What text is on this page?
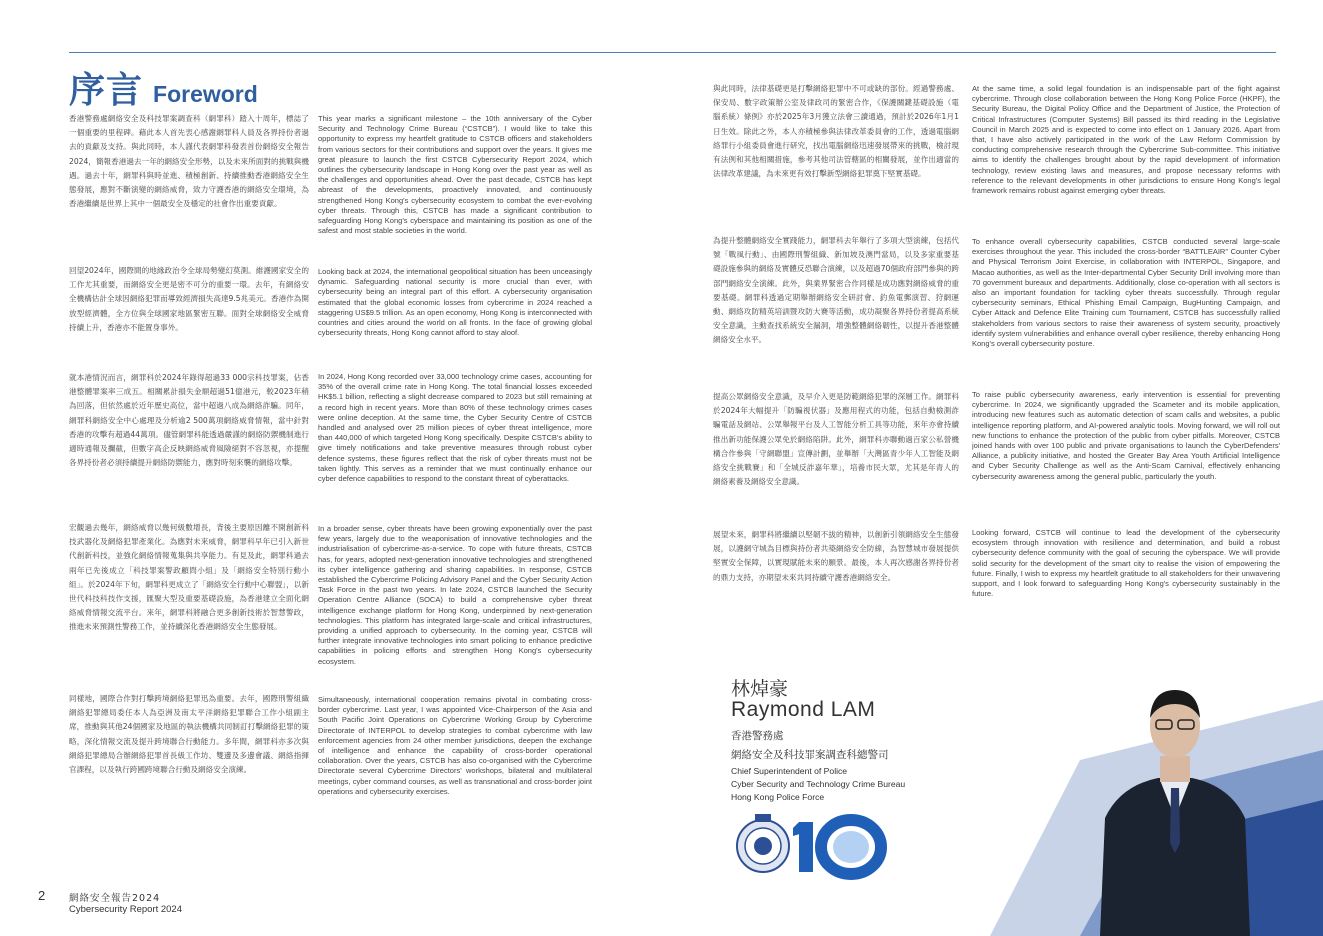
序言 Foreword
香港警務處網絡安全及科技罪案調查科（網罪科）踏入十周年，標誌了一個重要的里程碑。藉此本人首先衷心感謝網罪科人員及各界持份者過去的貢獻及支持。與此同時，本人謹代表網罪科發表首份網絡安全報告2024，簡報香港過去一年的網絡安全形勢，以及未來所面對的挑戰與機遇。過去十年，網罪科與時並進、積極創新、持續推動香港網絡安全生態發展，應對不斷演變的網絡威脅，致力守護香港的網絡安全環境，為香港繼續是世界上其中一個最安全及穩定的社會作出重要貢獻。
回望2024年，國際間的地緣政治令全球局勢變幻莫測。維護國家安全的工作尤其重要，而網絡安全更是密不可分的重要一環。去年，有網絡安全機構估計全球因網絡犯罪而導致經濟損失高達9.5兆美元。香港作為開放型經濟體，全方位與全球國家地區緊密互聯。面對全球網絡安全威脅持續上升，香港亦不能置身事外。
就本港情況而言，網罪科於2024年錄得超過33 000宗科技罪案，佔香港整體罪案率三成五。相關累計損失金額超過51億港元，較2023年稍為回落，但依然處於近年歷史高位，當中超過八成為網絡詐騙。同年，網罪科網絡安全中心處理及分析逾2 500萬項網絡威脅情報，當中針對香港的攻擊有超過44萬項。儘管網罪科能透過嚴謹的網絡防禦機制進行適時通報及攔截，但數字高企反映網絡威脅風險絕對不容忽視，亦提醒各界持份者必須持續提升網絡防禦能力，應對時刻來襲的網絡攻擊。
宏觀過去幾年，網絡威脅以幾何級數增長，背後主要原因離不開創新科技武器化及網絡犯罪產業化。為應對未來威脅，網罪科早年已引入新世代創新科技，並強化網絡情報蒐集與共享能力。有見及此，網罪科過去兩年已先後成立「科技罪案警政顧問小組」及「網絡安全特別行動小組」。於2024年下旬，網罪科更成立了「網絡安全行動中心聯盟」，以新世代科技科技作支援，匯聚大型及重要基礎設施，為香港建立全面化網絡威脅情報交流平台。來年，網罪科將融合更多創新技術於智慧警政，推進未來預測性警務工作，並持續深化香港網絡安全生態發展。
同樣地，國際合作對打擊跨境網絡犯罪迅為重要。去年，國際刑警組織網絡犯罪總局委任本人為亞洲及南太平洋網絡犯罪聯合工作小組副主席，推動與其他24個國家及地區的執法機構共同制訂打擊網絡犯罪的策略，深化情報交流及提升跨境聯合行動能力。多年間，網罪科亦多次與網絡犯罪總局合辦網絡犯罪首長級工作坊、雙邊及多邊會議、網絡指揮官課程，以及執行跨國跨境聯合行動及網絡安全演練。
This year marks a significant milestone – the 10th anniversary of the Cyber Security and Technology Crime Bureau (“CSTCB”). I would like to take this opportunity to express my heartfelt gratitude to CSTCB officers and stakeholders from various sectors for their contributions and support over the years. It gives me great pleasure to launch the first CSTCB Cybersecurity Report 2024, which outlines the cybersecurity landscape in Hong Kong over the past year as well as the challenges and opportunities ahead. Over the past decade, CSTCB has kept abreast of the developments, proactively innovated, and continuously strengthened Hong Kong's cybersecurity ecosystem to combat the ever-evolving cyber threats. Through this, CSTCB has made a significant contribution to safeguarding Hong Kong's cyberspace and maintaining its position as one of the safest and most stable societies in the world.
Looking back at 2024, the international geopolitical situation has been unceasingly dynamic. Safeguarding national security is more crucial than ever, with cybersecurity being an integral part of this effort. A cybersecurity organisation estimated that the global economic losses from cybercrime in 2024 reached a staggering US$9.5 trillion. As an open economy, Hong Kong is interconnected with countries and cities around the world on all fronts. In the face of growing global cybersecurity threats, Hong Kong cannot afford to stay aloof.
In 2024, Hong Kong recorded over 33,000 technology crime cases, accounting for 35% of the overall crime rate in Hong Kong. The total financial losses exceeded HK$5.1 billion, reflecting a slight decrease compared to 2023 but still remaining at a record high in recent years. More than 80% of these technology crimes cases were online deception. At the same time, the Cyber Security Centre of CSTCB handled and analysed over 25 million pieces of cyber threat intelligence, more than 440,000 of which targeted Hong Kong specifically. Despite CSTCB's ability to give timely notifications and take preventive measures through robust cyber defence systems, these figures reflect that the risk of cyber threats must not be taken lightly. This serves as a reminder that we must continually enhance our cyber defence capabilities to respond to the constant threat of cyberattacks.
In a broader sense, cyber threats have been growing exponentially over the past few years, largely due to the weaponisation of innovative technologies and the industrialisation of cybercrime-as-a-service. To cope with future threats, CSTCB has, for years, adopted next-generation innovative technologies and strengthened its cyber intelligence gathering and sharing capabilities. In response, CSTCB established the Cybercrime Policing Advisory Panel and the Cyber Security Action Task Force in the past two years. In late 2024, CSTCB launched the Security Operation Centre Alliance (SOCA) to build a comprehensive cyber threat intelligence exchange platform for Hong Kong, underpinned by next-generation technologies. This platform has integrated large-scale and critical infrastructures, providing a unified approach to cybersecurity. In the coming year, CSTCB will further integrate innovative technologies into smart policing to enhance predictive capabilities in policing efforts and strengthen Hong Kong's cybersecurity ecosystem.
Simultaneously, international cooperation remains pivotal in combating cross-border cybercrime. Last year, I was appointed Vice-Chairperson of the Asia and South Pacific Joint Operations on Cybercrime Working Group by Cybercrime Directorate of INTERPOL to develop strategies to combat cybercrime with law enforcement agencies from 24 other member jurisdictions, deepen the exchange of intelligence and enhance the capability of cross-border operational collaboration. Over the years, CSTCB has also co-organised with the Cybercrime Directorate several Cybercrime Directors' workshops, bilateral and multilateral meetings, cyber command courses, as well as transnational and cross-border joint operations and cybersecurity exercises.
與此同時，法律基礎更是打擊網絡犯罪中不可或缺的部份。經過警務處、保安局、數字政策辦公室及律政司的緊密合作，《保護關鍵基礎設施（電腦系統）條例》亦於2025年3月獲立法會三讀通過，預計於2026年1月1日生效。除此之外，本人亦積極參與法律改革委員會的工作，透過電腦網絡罪行小組委員會進行研究，找出電腦網絡迅速發展帶來的挑戰，檢討現有法例和其他相關措施，參考其他司法管轄區的相關發展，並作出適當的法律改革建議，為未來更有效打擊新型網絡犯罪奠下堅實基礎。
為提升整體網絡安全實踐能力，網罪科去年舉行了多項大型演練，包括代號「戰風行動」、由國際刑警組織、新加坡及澳門當局，以及多家重要基礎設施參與的網絡及實體反恐聯合演練，以及超過70個政府部門參與的跨部門網絡安全演練。此外，與業界緊密合作同樣是成功應對網絡威脅的重要基礎。網罪科透過定期舉辦網絡安全研討會、釣魚電郵演習、狩網運動、網絡攻防精英培訓暨攻防大賽等活動，成功凝聚各界持份者提高系統安全意識，主動查找系統安全漏洞，增強整體網絡韌性，以提升香港整體網絡安全水平。
提高公眾網絡安全意識，及早介入更是防範網絡犯罪的深層工作。網罪科於2024年大幅提升「防騙視伏器」及應用程式的功能，包括自動檢測詐騙電話及網站、公眾舉報平台及人工智能分析工具等功能，來年亦會持續推出新功能保護公眾免於網絡陷阱。此外，網罪科亦聯動過百家公私營機構合作參與「守網聯盟」宣傳計劃，並舉辦「大灣區青少年人工智能及網絡安全挑戰賽」和「全城反詐嘉年華」，培養市民大眾，尤其是年青人的網絡素養及網絡安全意識。
展望未來，網罪科將繼續以堅韌不拔的精神，以創新引領網絡安全生態發展，以護網守城為目標與持份者共築網絡安全防線，為智慧城市發展提供堅實安全保障，以實現賦能未來的願景。最後，本人再次感謝各界持份者的鼎力支持，亦期望未來共同持續守護香港網絡安全。
At the same time, a solid legal foundation is an indispensable part of the fight against cybercrime. Through close collaboration between the Hong Kong Police Force (HKPF), the Security Bureau, the Digital Policy Office and the Department of Justice, the Protection of Critical Infrastructures (Computer Systems) Bill passed its third reading in the Legislative Council in March 2025 and is expected to come into effect on 1 January 2026. Apart from that, I have also actively participated in the work of the Law Reform Commission by conducting comprehensive research through the Cybercrime Sub-committee. This initiative aims to identify the challenges brought about by the rapid development of information technology, review existing laws and measures, and propose necessary reforms with reference to the relevant developments in other jurisdictions to ensure Hong Kong's legal framework remains robust against emerging cyber threats.
To enhance overall cybersecurity capabilities, CSTCB conducted several large-scale exercises throughout the year. This included the cross-border “BATTLEAIR” Counter Cyber and Physical Terrorism Joint Exercise, in collaboration with INTERPOL, Singapore, and Macao authorities, as well as the Inter-departmental Cyber Security Drill involving more than 70 government bureaux and departments. Additionally, close co-operation with all sectors is also an important foundation for tackling cyber threats successfully. Through regular cybersecurity seminars, Ethical Phishing Email Campaign, BugHunting Campaign, and Cyber Attack and Defence Elite Training cum Tournament, CSTCB has successfully rallied stakeholders from various sectors to raise their awareness of system security, proactively identify system vulnerabilities and enhance overall cyber resilience, thereby enhancing Hong Kong's overall cybersecurity posture.
To raise public cybersecurity awareness, early intervention is essential for preventing cybercrime. In 2024, we significantly upgraded the Scameter and its mobile application, introducing new features such as automatic detection of scam calls and websites, a public intelligence reporting platform, and AI-powered analytic tools. Moving forward, we will roll out new functions to enhance the protection of the public from cyber pitfalls. Moreover, CSTCB joined hands with over 100 public and private organisations to launch the CyberDefenders' Alliance, a publicity initiative, and hosted the Greater Bay Area Youth Artificial Intelligence and Cyber Security Challenge as well as the Anti-Scam Carnival, effectively enhancing cybersecurity awareness among the general public, particularly the youth.
Looking forward, CSTCB will continue to lead the development of the cybersecurity ecosystem through innovation with resilience and determination, and build a robust cybersecurity defence community with the goal of securing the cyberspace. We will provide solid security for the development of the smart city to realise the vision of empowering the future. Finally, I wish to express my heartfelt gratitude to all stakeholders for their unwavering support, and I look forward to safeguarding Hong Kong's cybersecurity sustainably in the future.
林焯豪
Raymond LAM
香港警務處
網絡安全及科技罪案調查科總警司
Chief Superintendent of Police
Cyber Security and Technology Crime Bureau
Hong Kong Police Force
2	網絡安全報告2024
Cybersecurity Report 2024
